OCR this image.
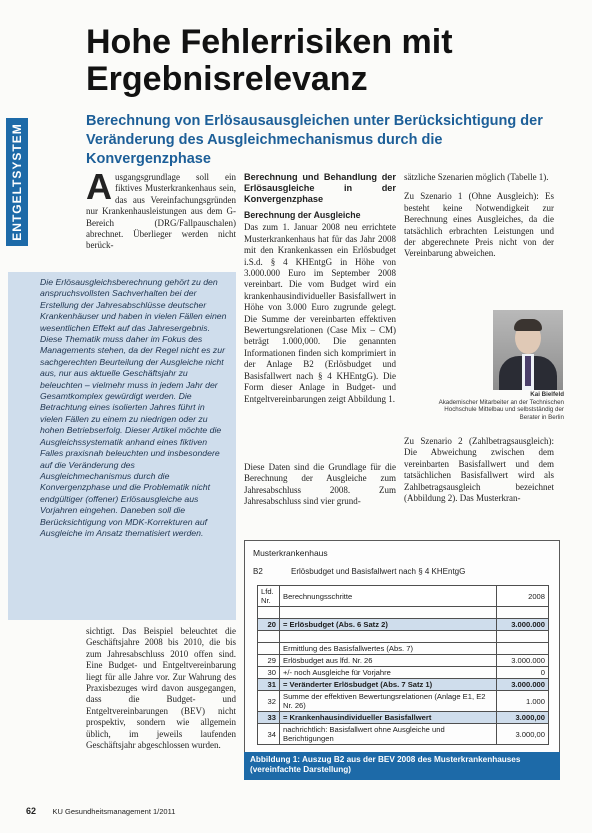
ENTGELTSYSTEM
Hohe Fehlerrisiken mit Ergebnisrelevanz
Berechnung von Erlösausausgleichen unter Berücksichtigung der Veränderung des Ausgleichmechanismus durch die Konvergenzphase
A usgangsgrundlage soll ein fiktives Musterkrankenhaus sein, das aus Vereinfachungsgründen nur Krankenhausleistungen aus dem G-Bereich (DRG/Fallpauschalen) abrechnet. Überlieger werden nicht berück-

Die Erlösausgleichsberechnung gehört zu den anspruchsvollsten Sachverhalten bei der Erstellung der Jahresabschlüsse deutscher Krankenhäuser und haben in vielen Fällen einen wesentlichen Effekt auf das Jahresergebnis. Diese Thematik muss daher im Fokus des Managements stehen, da der Regel nicht es zur sachgerechten Beurteilung der Ausgleiche nicht aus, nur aus aktuelle Geschäftsjahr zu beleuchten – vielmehr muss in jedem Jahr der Gesamtkomplex gewürdigt werden. Die Betrachtung eines isolierten Jahres führt in vielen Fällen zu einem zu niedrigen oder zu hohen Betriebserfolg. Dieser Artikel möchte die Ausgleichssystematik anhand eines fiktiven Falles praxisnah beleuchten und insbesondere auf die Veränderung des Ausgleichmechanismus durch die Konvergenzphase und die Problematik nicht endgültiger (offener) Erlösausgleiche aus Vorjahren eingehen. Daneben soll die Berücksichtigung von MDK-Korrekturen auf Ausgleiche im Ansatz thematisiert werden.

sichtigt. Das Beispiel beleuchtet die Geschäftsjahre 2008 bis 2010, die bis zum Jahresabschluss 2010 offen sind. Eine Budget- und Entgeltvereinbarung liegt für alle Jahre vor. Zur Wahrung des Praxisbezuges wird davon ausgegangen, dass die Budget- und Entgeltvereinbarungen (BEV) nicht prospektiv, sondern wie allgemein üblich, im jeweils laufenden Geschäftsjahr abgeschlossen wurden.

Berechnung und Behandlung der Erlösausgleiche in der Konvergenzphase
Berechnung der Ausgleiche

Das zum 1. Januar 2008 neu errichtete Musterkrankenhaus hat für das Jahr 2008 mit den Krankenkassen ein Erlösbudget i.S.d. § 4 KHEntgG in Höhe von 3.000.000 Euro im September 2008 vereinbart. Die vom Budget wird ein krankenhausindividueller Basisfallwert in Höhe von 3.000 Euro zugrunde gelegt. Die Summe der vereinbarten effektiven Bewertungsrelationen (Case Mix – CM) beträgt 1.000,000. Die genannten Informationen finden sich komprimiert in der Anlage B2 (Erlösbudget und Basisfallwert nach § 4 KHEntgG). Die Form dieser Anlage in Budget- und Entgeltvereinbarungen zeigt Abbildung 1.

Diese Daten sind die Grundlage für die Berechnung der Ausgleiche zum Jahresabschluss 2008. Zum Jahresabschluss sind vier grund-

sätzliche Szenarien möglich (Tabelle 1).

Zu Szenario 1 (Ohne Ausgleich): Es besteht keine Notwendigkeit zur Berechnung eines Ausgleiches, da die tatsächlich erbrachten Leistungen und der abgerechnete Preis nicht von der Vereinbarung abweichen.

Kai Bielfeld
Akademischer Mitarbeiter an der Technischen Hochschule Mittelbau und selbstständig der Berater in Berlin

Zu Szenario 2 (Zahlbetragsausgleich): Die Abweichung zwischen dem vereinbarten Basisfallwert und dem tatsächlichen Basisfallwert wird als Zahlbetragsausgleich bezeichnet (Abbildung 2). Das Musterkran-

Musterkrankenhaus
B2	Erlösbudget und Basisfallwert nach § 4 KHEntgG
Lfd. Nr.	Berechnungsschritte	2008

20	= Erlösbudget (Abs. 6 Satz 2)	3.000.000

	Ermittlung des Basisfallwertes (Abs. 7)	
29	Erlösbudget aus lfd. Nr. 26	3.000.000
30	+/- noch Ausgleiche für Vorjahre	0
31	= Veränderter Erlösbudget (Abs. 7 Satz 1)	3.000.000
32	Summe der effektiven Bewertungsrelationen (Anlage E1, E2 Nr. 26)	1.000
33	= Krankenhausindividueller Basisfallwert	3.000,00
34	nachrichtlich: Basisfallwert ohne Ausgleiche und Berichtigungen	3.000,00
Abbildung 1: Auszug B2 aus der BEV 2008 des Musterkrankenhauses (vereinfachte Darstellung)
62 KU Gesundheitsmanagement 1/2011
